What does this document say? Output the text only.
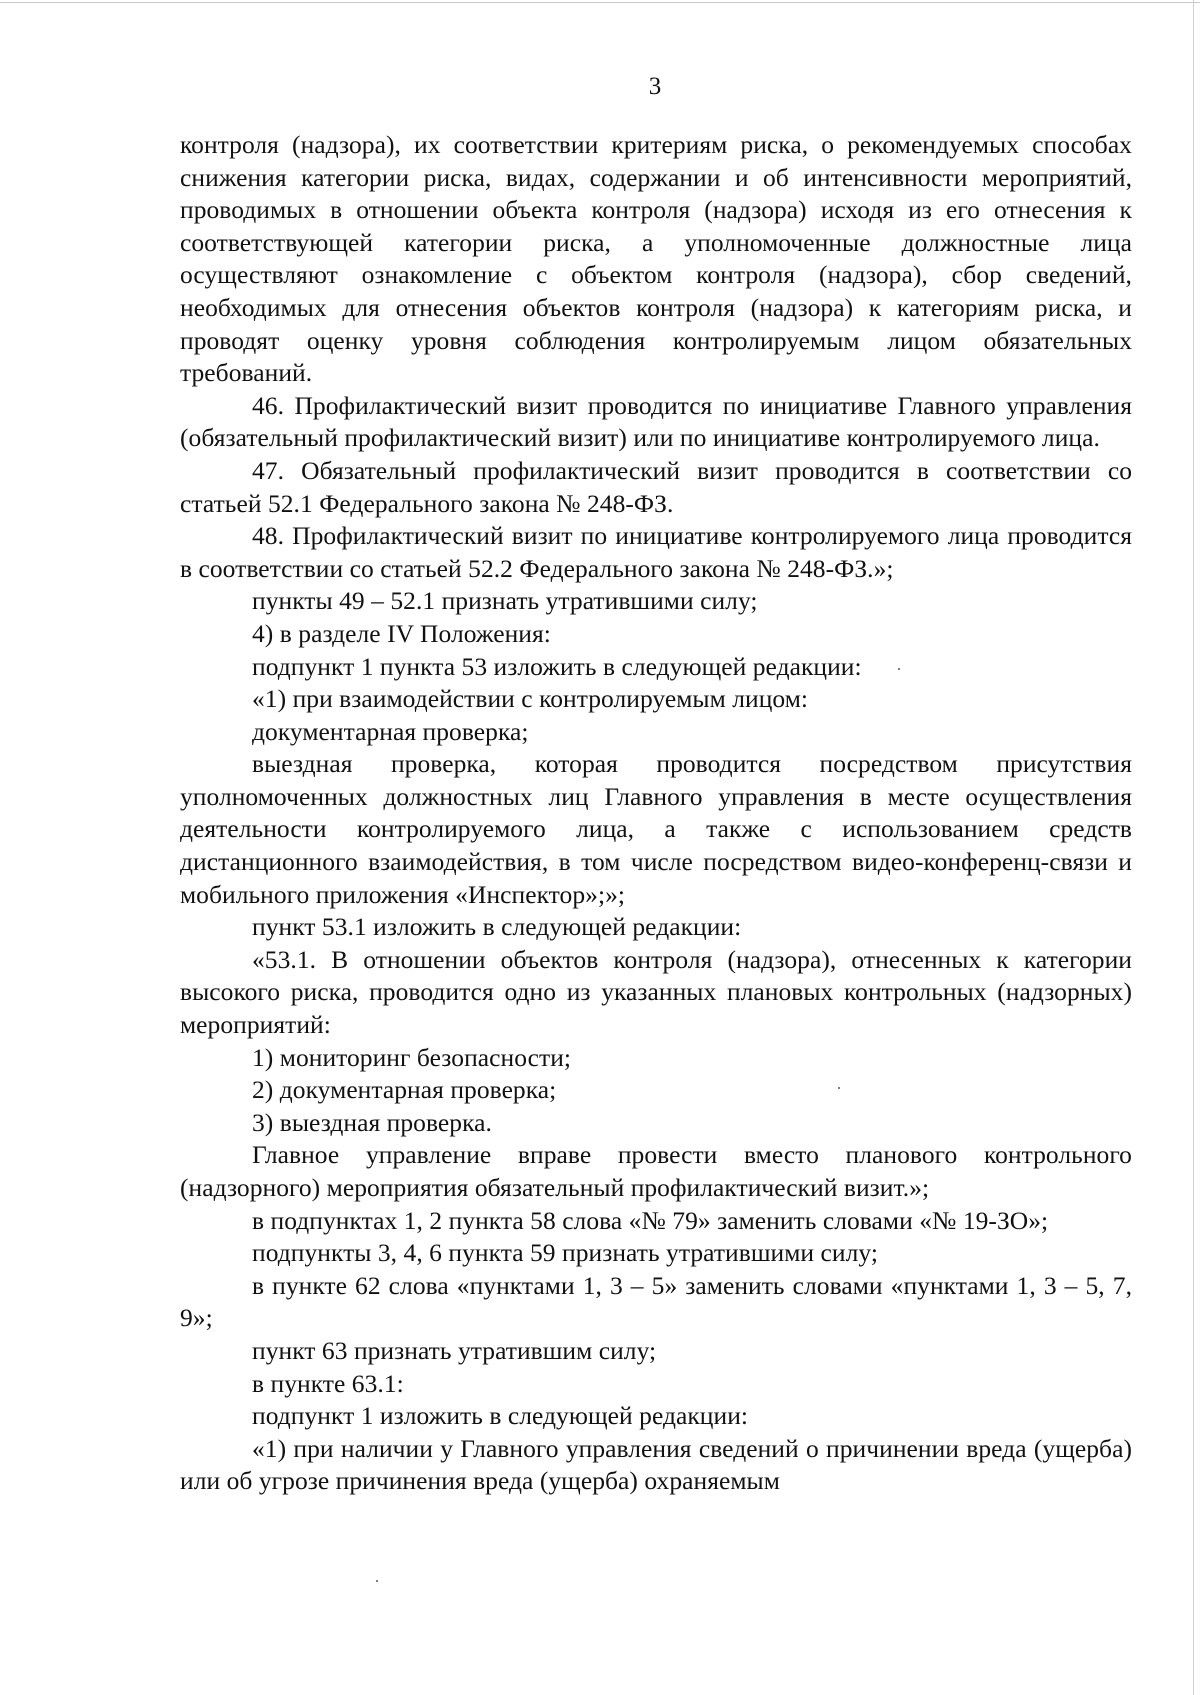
3

контроля (надзора), их соответствии критериям риска, о рекомендуемых способах снижения категории риска, видах, содержании и об интенсивности мероприятий, проводимых в отношении объекта контроля (надзора) исходя из его отнесения к соответствующей категории риска, а уполномоченные должностные лица осуществляют ознакомление с объектом контроля (надзора), сбор сведений, необходимых для отнесения объектов контроля (надзора) к категориям риска, и проводят оценку уровня соблюдения контролируемым лицом обязательных требований.

46. Профилактический визит проводится по инициативе Главного управления (обязательный профилактический визит) или по инициативе контролируемого лица.

47. Обязательный профилактический визит проводится в соответствии со статьей 52.1 Федерального закона № 248-ФЗ.

48. Профилактический визит по инициативе контролируемого лица проводится в соответствии со статьей 52.2 Федерального закона № 248-ФЗ.»;

пункты 49 – 52.1 признать утратившими силу;

4) в разделе IV Положения:

подпункт 1 пункта 53 изложить в следующей редакции:

«1) при взаимодействии с контролируемым лицом:

документарная проверка;

выездная проверка, которая проводится посредством присутствия уполномоченных должностных лиц Главного управления в месте осуществления деятельности контролируемого лица, а также с использованием средств дистанционного взаимодействия, в том числе посредством видео-конференц-связи и мобильного приложения «Инспектор»;»;

пункт 53.1 изложить в следующей редакции:

«53.1. В отношении объектов контроля (надзора), отнесенных к категории высокого риска, проводится одно из указанных плановых контрольных (надзорных) мероприятий:

1) мониторинг безопасности;

2) документарная проверка;

3) выездная проверка.

Главное управление вправе провести вместо планового контрольного (надзорного) мероприятия обязательный профилактический визит.»;

в подпунктах 1, 2 пункта 58 слова «№ 79» заменить словами «№ 19-ЗО»;

подпункты 3, 4, 6 пункта 59 признать утратившими силу;

в пункте 62 слова «пунктами 1, 3 – 5» заменить словами «пунктами 1, 3 – 5, 7, 9»;

пункт 63 признать утратившим силу;

в пункте 63.1:

подпункт 1 изложить в следующей редакции:

«1) при наличии у Главного управления сведений о причинении вреда (ущерба) или об угрозе причинения вреда (ущерба) охраняемым
